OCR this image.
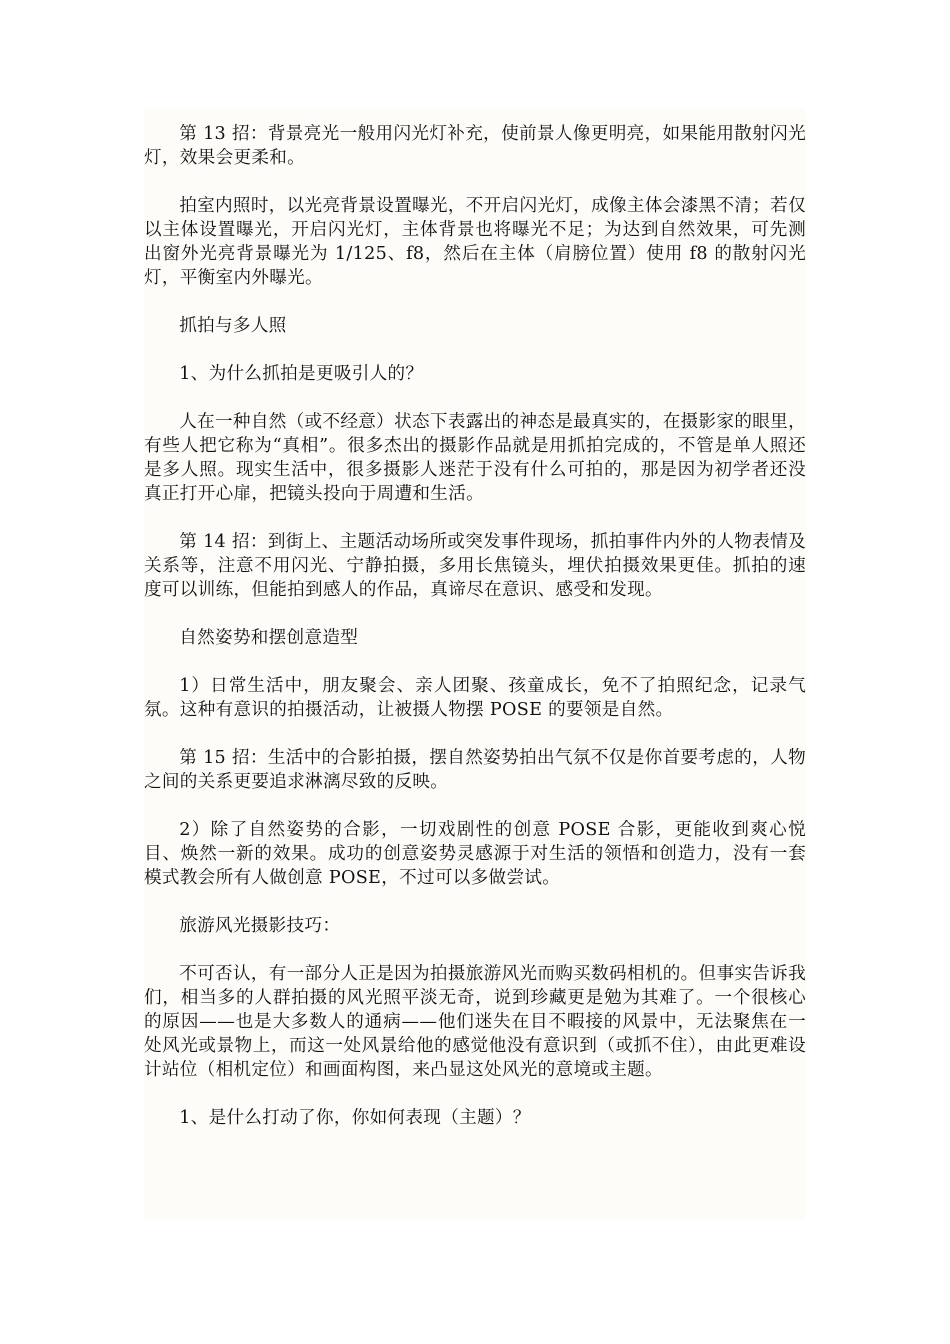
第 13 招：背景亮光一般用闪光灯补充，使前景人像更明亮，如果能用散射闪光灯，效果会更柔和。

拍室内照时，以光亮背景设置曝光，不开启闪光灯，成像主体会漆黑不清；若仅以主体设置曝光，开启闪光灯，主体背景也将曝光不足；为达到自然效果，可先测出窗外光亮背景曝光为 1/125、f8，然后在主体（肩膀位置）使用 f8 的散射闪光灯，平衡室内外曝光。

抓拍与多人照

1、为什么抓拍是更吸引人的？

人在一种自然（或不经意）状态下表露出的神态是最真实的，在摄影家的眼里，有些人把它称为“真相”。很多杰出的摄影作品就是用抓拍完成的，不管是单人照还是多人照。现实生活中，很多摄影人迷茫于没有什么可拍的，那是因为初学者还没真正打开心扉，把镜头投向于周遭和生活。

第 14 招：到街上、主题活动场所或突发事件现场，抓拍事件内外的人物表情及关系等，注意不用闪光、宁静拍摄，多用长焦镜头，埋伏拍摄效果更佳。抓拍的速度可以训练，但能拍到感人的作品，真谛尽在意识、感受和发现。

自然姿势和摆创意造型

1）日常生活中，朋友聚会、亲人团聚、孩童成长，免不了拍照纪念，记录气氛。这种有意识的拍摄活动，让被摄人物摆 POSE 的要领是自然。

第 15 招：生活中的合影拍摄，摆自然姿势拍出气氛不仅是你首要考虑的，人物之间的关系更要追求淋漓尽致的反映。

2）除了自然姿势的合影，一切戏剧性的创意 POSE 合影，更能收到爽心悦目、焕然一新的效果。成功的创意姿势灵感源于对生活的领悟和创造力，没有一套模式教会所有人做创意 POSE，不过可以多做尝试。

旅游风光摄影技巧：

不可否认，有一部分人正是因为拍摄旅游风光而购买数码相机的。但事实告诉我们，相当多的人群拍摄的风光照平淡无奇，说到珍藏更是勉为其难了。一个很核心的原因——也是大多数人的通病——他们迷失在目不暇接的风景中，无法聚焦在一处风光或景物上，而这一处风景给他的感觉他没有意识到（或抓不住），由此更难设计站位（相机定位）和画面构图，来凸显这处风光的意境或主题。

1、是什么打动了你，你如何表现（主题）？
